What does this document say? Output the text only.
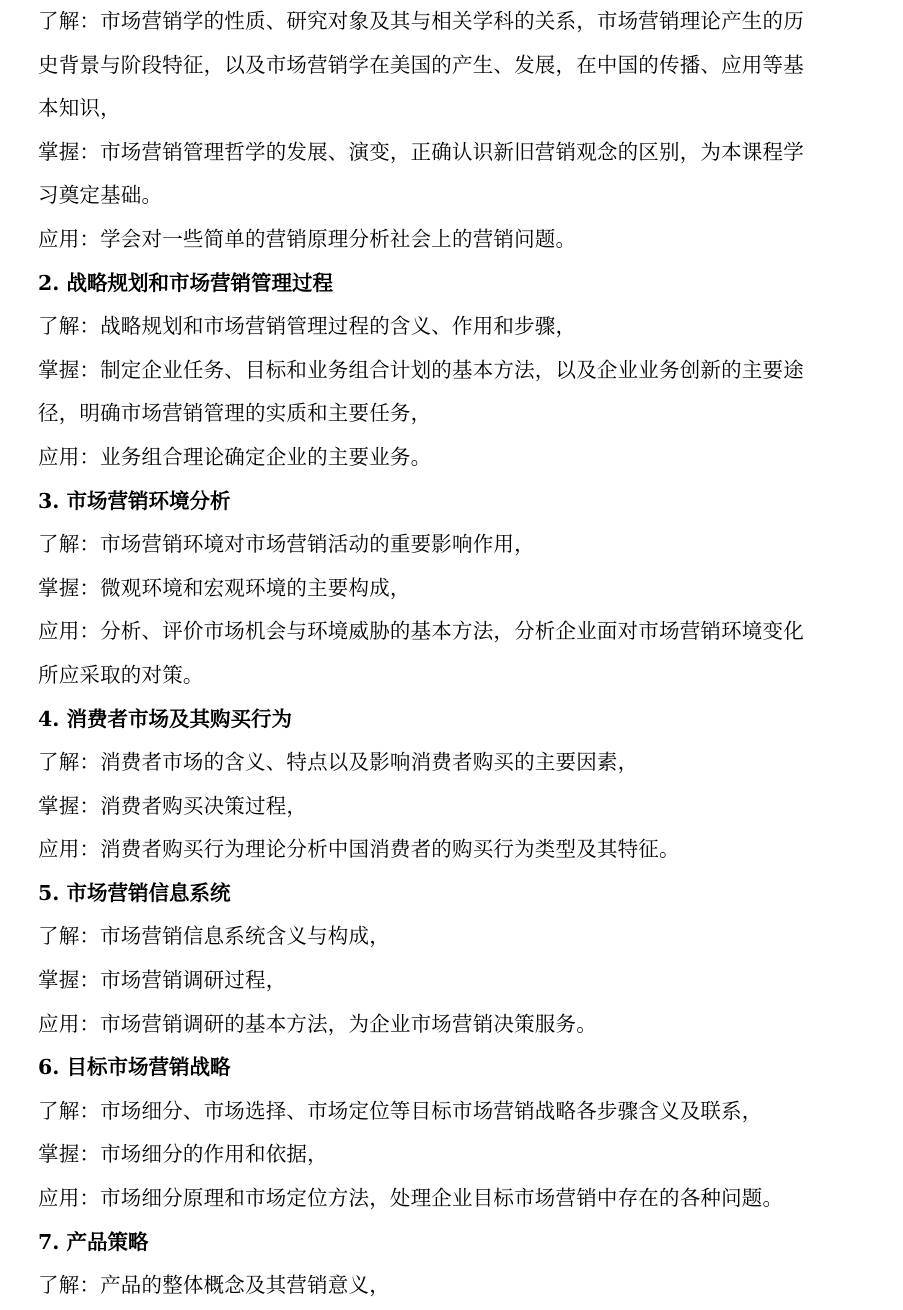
了解：市场营销学的性质、研究对象及其与相关学科的关系，市场营销理论产生的历史背景与阶段特征，以及市场营销学在美国的产生、发展，在中国的传播、应用等基本知识，

掌握：市场营销管理哲学的发展、演变，正确认识新旧营销观念的区别，为本课程学习奠定基础。

应用：学会对一些简单的营销原理分析社会上的营销问题。

2. 战略规划和市场营销管理过程

了解：战略规划和市场营销管理过程的含义、作用和步骤，

掌握：制定企业任务、目标和业务组合计划的基本方法，以及企业业务创新的主要途径，明确市场营销管理的实质和主要任务，

应用：业务组合理论确定企业的主要业务。

3. 市场营销环境分析

了解：市场营销环境对市场营销活动的重要影响作用，

掌握：微观环境和宏观环境的主要构成，

应用：分析、评价市场机会与环境威胁的基本方法，分析企业面对市场营销环境变化所应采取的对策。

4. 消费者市场及其购买行为

了解：消费者市场的含义、特点以及影响消费者购买的主要因素，

掌握：消费者购买决策过程，

应用：消费者购买行为理论分析中国消费者的购买行为类型及其特征。

5. 市场营销信息系统

了解：市场营销信息系统含义与构成，

掌握：市场营销调研过程，

应用：市场营销调研的基本方法，为企业市场营销决策服务。

6. 目标市场营销战略

了解：市场细分、市场选择、市场定位等目标市场营销战略各步骤含义及联系，

掌握：市场细分的作用和依据，

应用：市场细分原理和市场定位方法，处理企业目标市场营销中存在的各种问题。

7. 产品策略

了解：产品的整体概念及其营销意义，
